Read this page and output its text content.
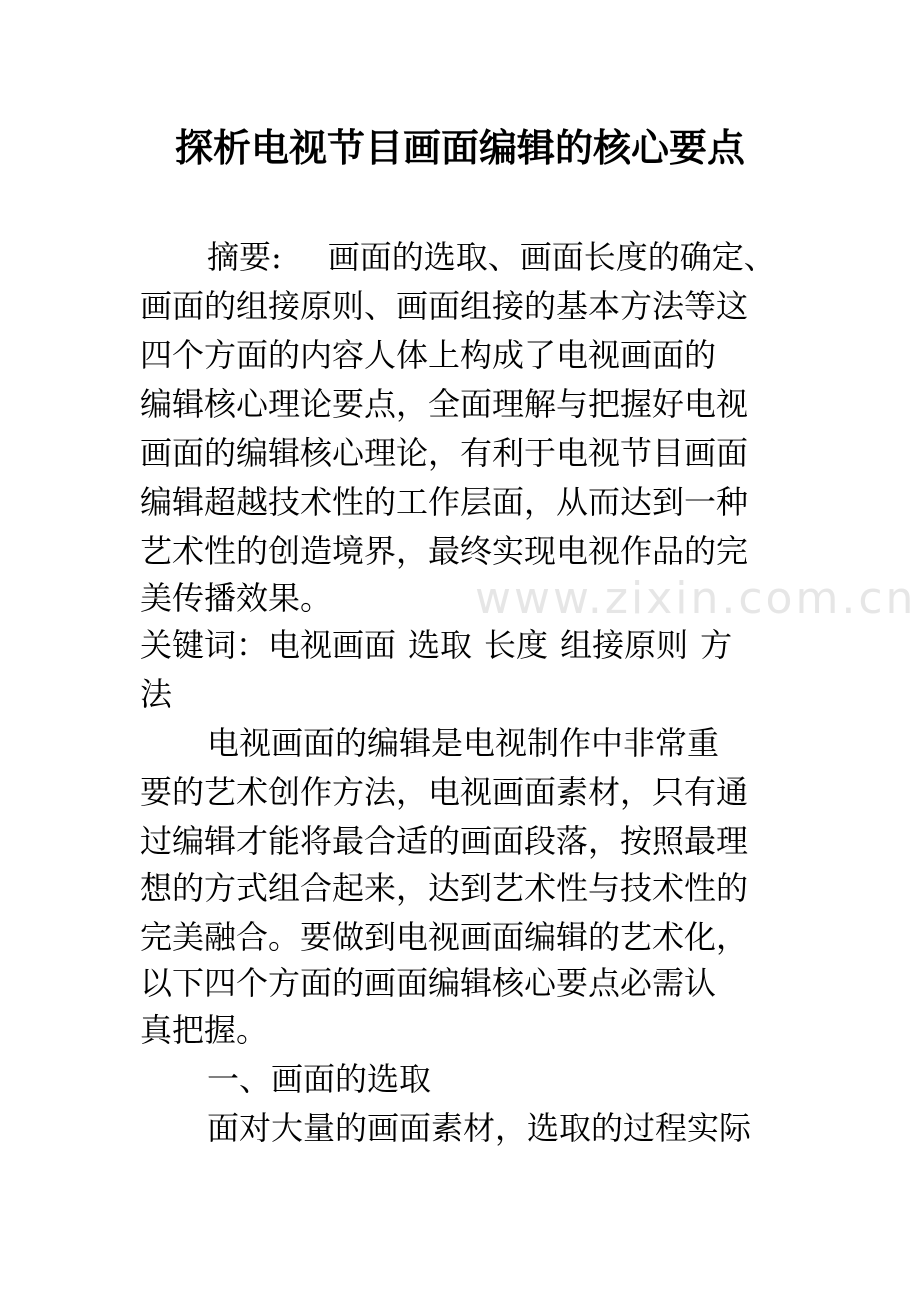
www.zixin.com.cn
探析电视节目画面编辑的核心要点
摘要: 画面的选取、画面长度的确定、
画面的组接原则、画面组接的基本方法等这
四个方面的内容人体上构成了电视画面的
编辑核心理论要点，全面理解与把握好电视
画面的编辑核心理论，有利于电视节目画面
编辑超越技术性的工作层面，从而达到一种
艺术性的创造境界，最终实现电视作品的完
美传播效果。
关键词：电视画面 选取 长度 组接原则 方
法
电视画面的编辑是电视制作中非常重
要的艺术创作方法，电视画面素材，只有通
过编辑才能将最合适的画面段落，按照最理
想的方式组合起来，达到艺术性与技术性的
完美融合。要做到电视画面编辑的艺术化，
以下四个方面的画面编辑核心要点必需认
真把握。
一、画面的选取
面对大量的画面素材，选取的过程实际
